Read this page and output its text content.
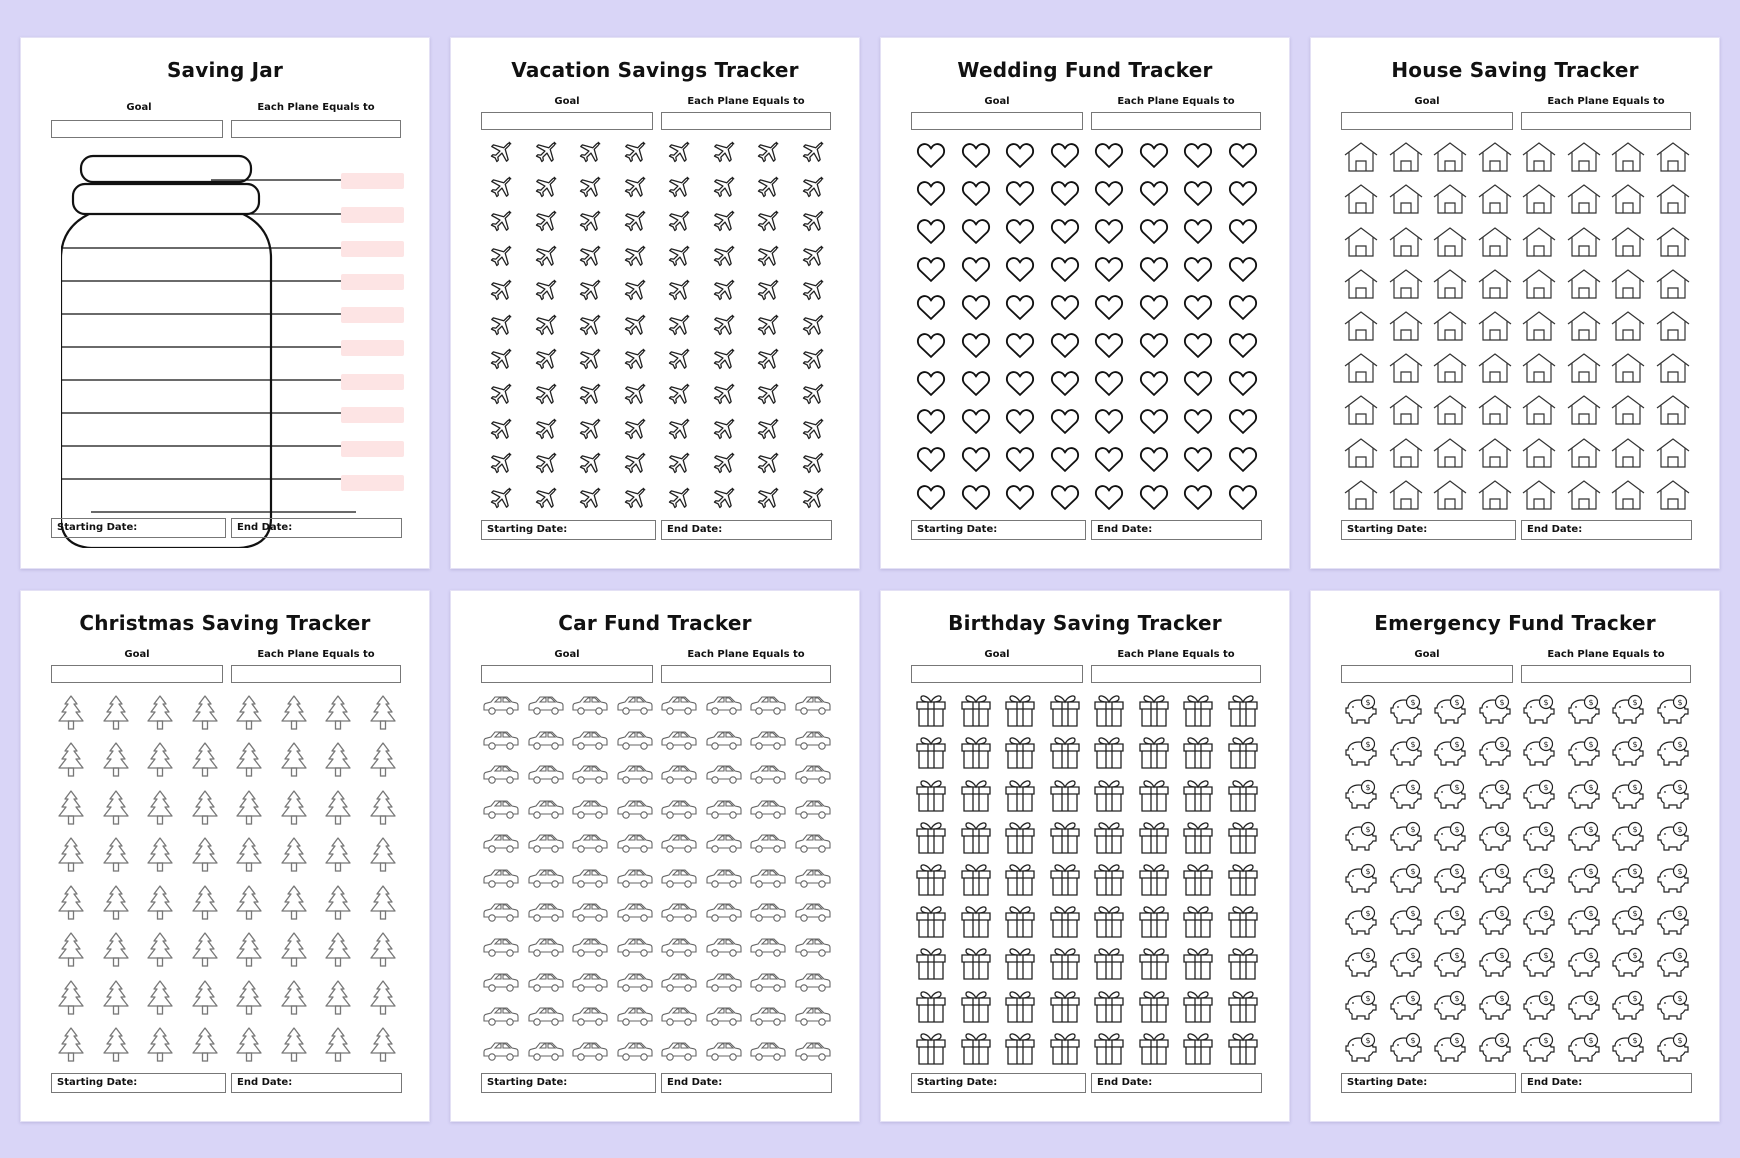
Saving Jar
Goal	Each Plane Equals to
Starting Date:	End Date:
Vacation Savings Tracker
Goal	Each Plane Equals to
Starting Date:	End Date:
Wedding Fund Tracker
Goal	Each Plane Equals to
Starting Date:	End Date:
House Saving Tracker
Goal	Each Plane Equals to
Starting Date:	End Date:
Christmas Saving Tracker
Goal	Each Plane Equals to
Starting Date:	End Date:
Car Fund Tracker
Goal	Each Plane Equals to
Starting Date:	End Date:
Birthday Saving Tracker
Goal	Each Plane Equals to
Starting Date:	End Date:
Emergency Fund Tracker
Goal	Each Plane Equals to
$	$	$	$	$	$	$	$
$	$	$	$	$	$	$	$
$	$	$	$	$	$	$	$
$	$	$	$	$	$	$	$
$	$	$	$	$	$	$	$
$	$	$	$	$	$	$	$
$	$	$	$	$	$	$	$
$	$	$	$	$	$	$	$
$	$	$	$	$	$	$	$
Starting Date:	End Date:
